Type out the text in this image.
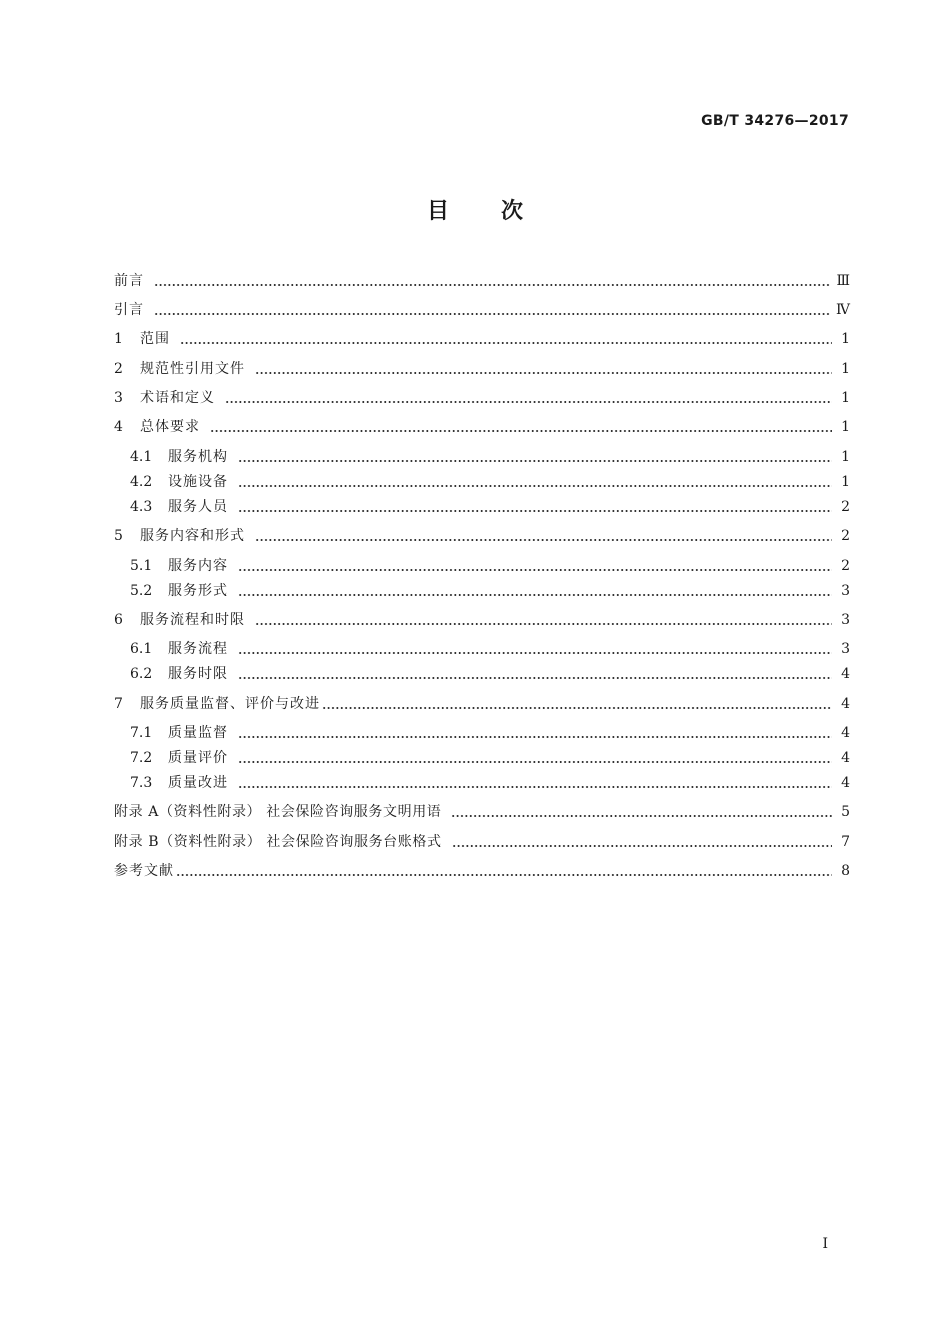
GB/T 34276—2017
目 次
前言	Ⅲ
引言	Ⅳ
1	范围	1
2	规范性引用文件	1
3	术语和定义	1
4	总体要求	1
4.1	服务机构	1
4.2	设施设备	1
4.3	服务人员	2
5	服务内容和形式	2
5.1	服务内容	2
5.2	服务形式	3
6	服务流程和时限	3
6.1	服务流程	3
6.2	服务时限	4
7	服务质量监督、评价与改进	4
7.1	质量监督	4
7.2	质量评价	4
7.3	质量改进	4
附录 A（资料性附录） 社会保险咨询服务文明用语	5
附录 B（资料性附录） 社会保险咨询服务台账格式	7
参考文献	8
I
